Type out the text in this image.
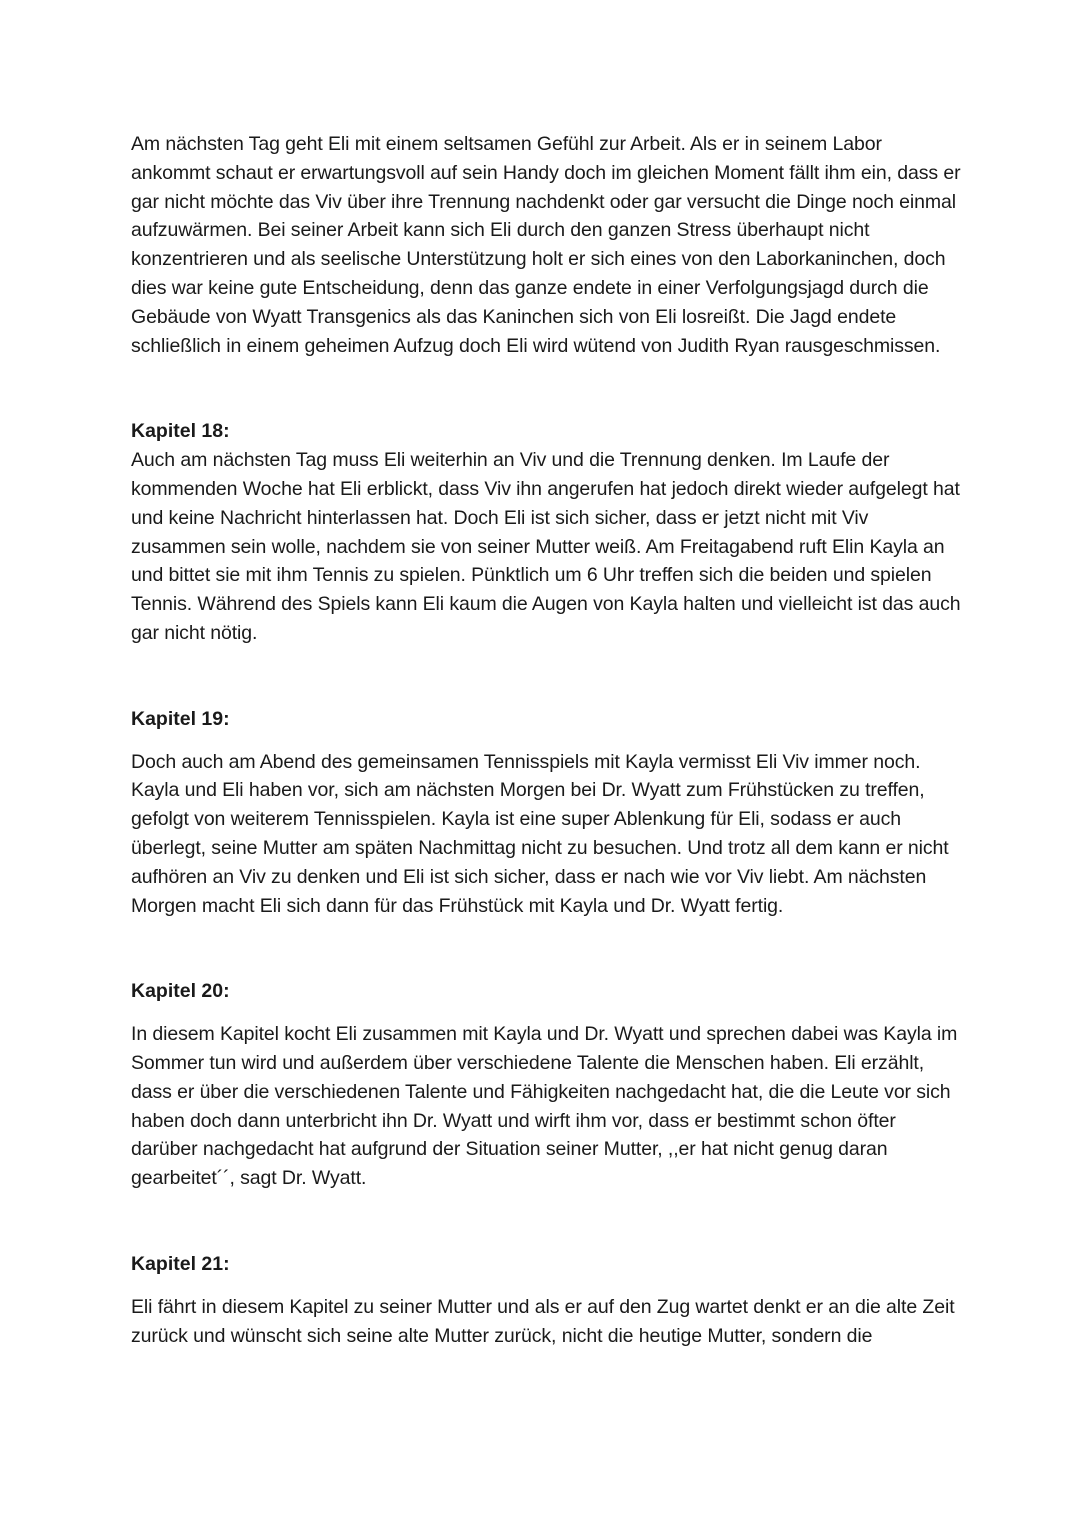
Am nächsten Tag geht Eli mit einem seltsamen Gefühl zur Arbeit. Als er in seinem Labor ankommt schaut er erwartungsvoll auf sein Handy doch im gleichen Moment fällt ihm ein, dass er gar nicht möchte das Viv über ihre Trennung nachdenkt oder gar versucht die Dinge noch einmal aufzuwärmen. Bei seiner Arbeit kann sich Eli durch den ganzen Stress überhaupt nicht konzentrieren und als seelische Unterstützung holt er sich eines von den Laborkaninchen, doch dies war keine gute Entscheidung, denn das ganze endete in einer Verfolgungsjagd durch die Gebäude von Wyatt Transgenics als das Kaninchen sich von Eli losreißt. Die Jagd endete schließlich in einem geheimen Aufzug doch Eli wird wütend von Judith Ryan rausgeschmissen.

Kapitel 18:

Auch am nächsten Tag muss Eli weiterhin an Viv und die Trennung denken. Im Laufe der kommenden Woche hat Eli erblickt, dass Viv ihn angerufen hat jedoch direkt wieder aufgelegt hat und keine Nachricht hinterlassen hat. Doch Eli ist sich sicher, dass er jetzt nicht mit Viv zusammen sein wolle, nachdem sie von seiner Mutter weiß. Am Freitagabend ruft Elin Kayla an und bittet sie mit ihm Tennis zu spielen. Pünktlich um 6 Uhr treffen sich die beiden und spielen Tennis. Während des Spiels kann Eli kaum die Augen von Kayla halten und vielleicht ist das auch gar nicht nötig.

Kapitel 19:

Doch auch am Abend des gemeinsamen Tennisspiels mit Kayla vermisst Eli Viv immer noch. Kayla und Eli haben vor, sich am nächsten Morgen bei Dr. Wyatt zum Frühstücken zu treffen, gefolgt von weiterem Tennisspielen. Kayla ist eine super Ablenkung für Eli, sodass er auch überlegt, seine Mutter am späten Nachmittag nicht zu besuchen. Und trotz all dem kann er nicht aufhören an Viv zu denken und Eli ist sich sicher, dass er nach wie vor Viv liebt. Am nächsten Morgen macht Eli sich dann für das Frühstück mit Kayla und Dr. Wyatt fertig.

Kapitel 20:

In diesem Kapitel kocht Eli zusammen mit Kayla und Dr. Wyatt und sprechen dabei was Kayla im Sommer tun wird und außerdem über verschiedene Talente die Menschen haben. Eli erzählt, dass er über die verschiedenen Talente und Fähigkeiten nachgedacht hat, die die Leute vor sich haben doch dann unterbricht ihn Dr. Wyatt und wirft ihm vor, dass er bestimmt schon öfter darüber nachgedacht hat aufgrund der Situation seiner Mutter, ,,er hat nicht genug daran gearbeitet´´, sagt Dr. Wyatt.

Kapitel 21:

Eli fährt in diesem Kapitel zu seiner Mutter und als er auf den Zug wartet denkt er an die alte Zeit zurück und wünscht sich seine alte Mutter zurück, nicht die heutige Mutter, sondern die
